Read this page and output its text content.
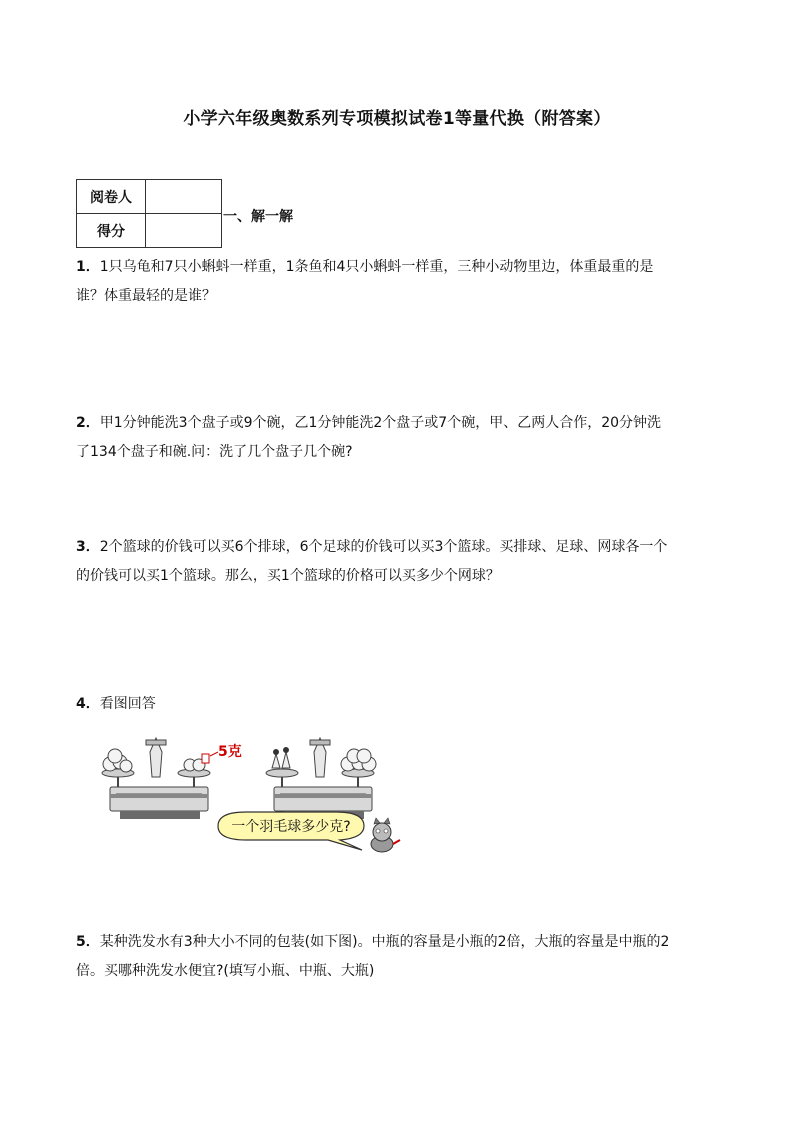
小学六年级奥数系列专项模拟试卷1等量代换（附答案）
阅卷人	
得分	
一、解一解
1．1只乌龟和7只小蝌蚪一样重，1条鱼和4只小蝌蚪一样重，三种小动物里边，体重最重的是
谁？体重最轻的是谁？
2．甲1分钟能洗3个盘子或9个碗，乙1分钟能洗2个盘子或7个碗，甲、乙两人合作，20分钟洗
了134个盘子和碗.问：洗了几个盘子几个碗?
3．2个篮球的价钱可以买6个排球，6个足球的价钱可以买3个篮球。买排球、足球、网球各一个
的价钱可以买1个篮球。那么，买1个篮球的价格可以买多少个网球？
4．看图回答
5克
一个羽毛球多少克?
5．某种洗发水有3种大小不同的包装(如下图)。中瓶的容量是小瓶的2倍，大瓶的容量是中瓶的2
倍。买哪种洗发水便宜?(填写小瓶、中瓶、大瓶)
